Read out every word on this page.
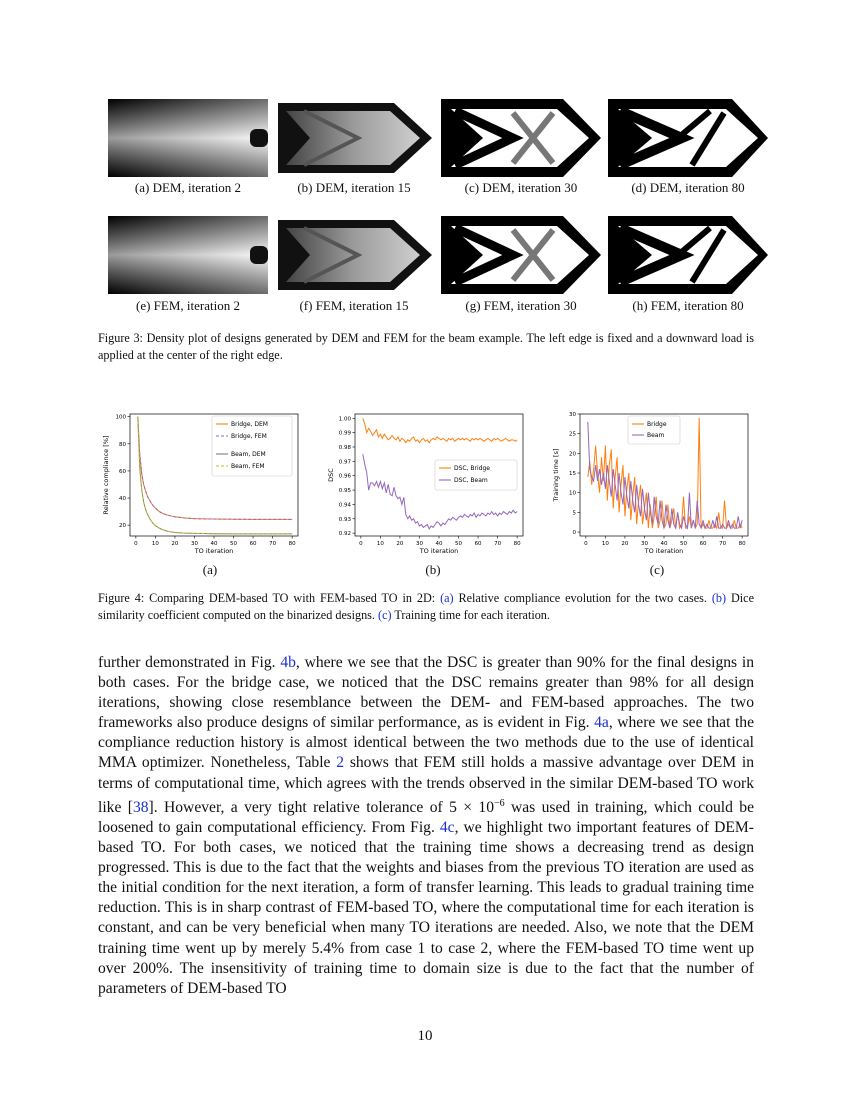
(a) DEM, iteration 2	(b) DEM, iteration 15	(c) DEM, iteration 30	(d) DEM, iteration 80
(e) FEM, iteration 2	(f) FEM, iteration 15	(g) FEM, iteration 30	(h) FEM, iteration 80
Figure 3: Density plot of designs generated by DEM and FEM for the beam example. The left edge is fixed and a downward load is applied at the center of the right edge.
0	10 20 30 40 50 60 70 80
20
40
60
80
100
TO iteration
Relative compliance [%]
Bridge, DEM
Bridge, FEM
Beam, DEM
Beam, FEM
0	10 20 30 40 50 60 70 80
0.92
0.93
0.94
0.95
0.96
0.97
0.98
0.99
1.00
TO iteration
DSC	DSC, Bridge
DSC, Beam
0	10 20 30 40 50 60 70 80
0
5
10
15
20
25
30
TO iteration
Training time [s]
Bridge
Beam
(a)	(b)	(c)
Figure 4: Comparing DEM-based TO with FEM-based TO in 2D: (a) Relative compliance evolution for the two cases. (b) Dice similarity coefficient computed on the binarized designs. (c) Training time for each iteration.
further demonstrated in Fig. 4b, where we see that the DSC is greater than 90% for the final designs in both cases. For the bridge case, we noticed that the DSC remains greater than 98% for all design iterations, showing close resemblance between the DEM- and FEM-based approaches. The two frameworks also produce designs of similar performance, as is evident in Fig. 4a, where we see that the compliance reduction history is almost identical between the two methods due to the use of identical MMA optimizer. Nonetheless, Table 2 shows that FEM still holds a massive advantage over DEM in terms of computational time, which agrees with the trends observed in the similar DEM-based TO work like [38]. However, a very tight relative tolerance of $5 \times 10^{-6}$ was used in training, which could be loosened to gain computational efficiency. From Fig. 4c, we highlight two important features of DEM-based TO. For both cases, we noticed that the training time shows a decreasing trend as design progressed. This is due to the fact that the weights and biases from the previous TO iteration are used as the initial condition for the next iteration, a form of transfer learning. This leads to gradual training time reduction. This is in sharp contrast of FEM-based TO, where the computational time for each iteration is constant, and can be very beneficial when many TO iterations are needed. Also, we note that the DEM training time went up by merely 5.4% from case 1 to case 2, where the FEM-based TO time went up over 200%. The insensitivity of training time to domain size is due to the fact that the number of parameters of DEM-based TO
10
